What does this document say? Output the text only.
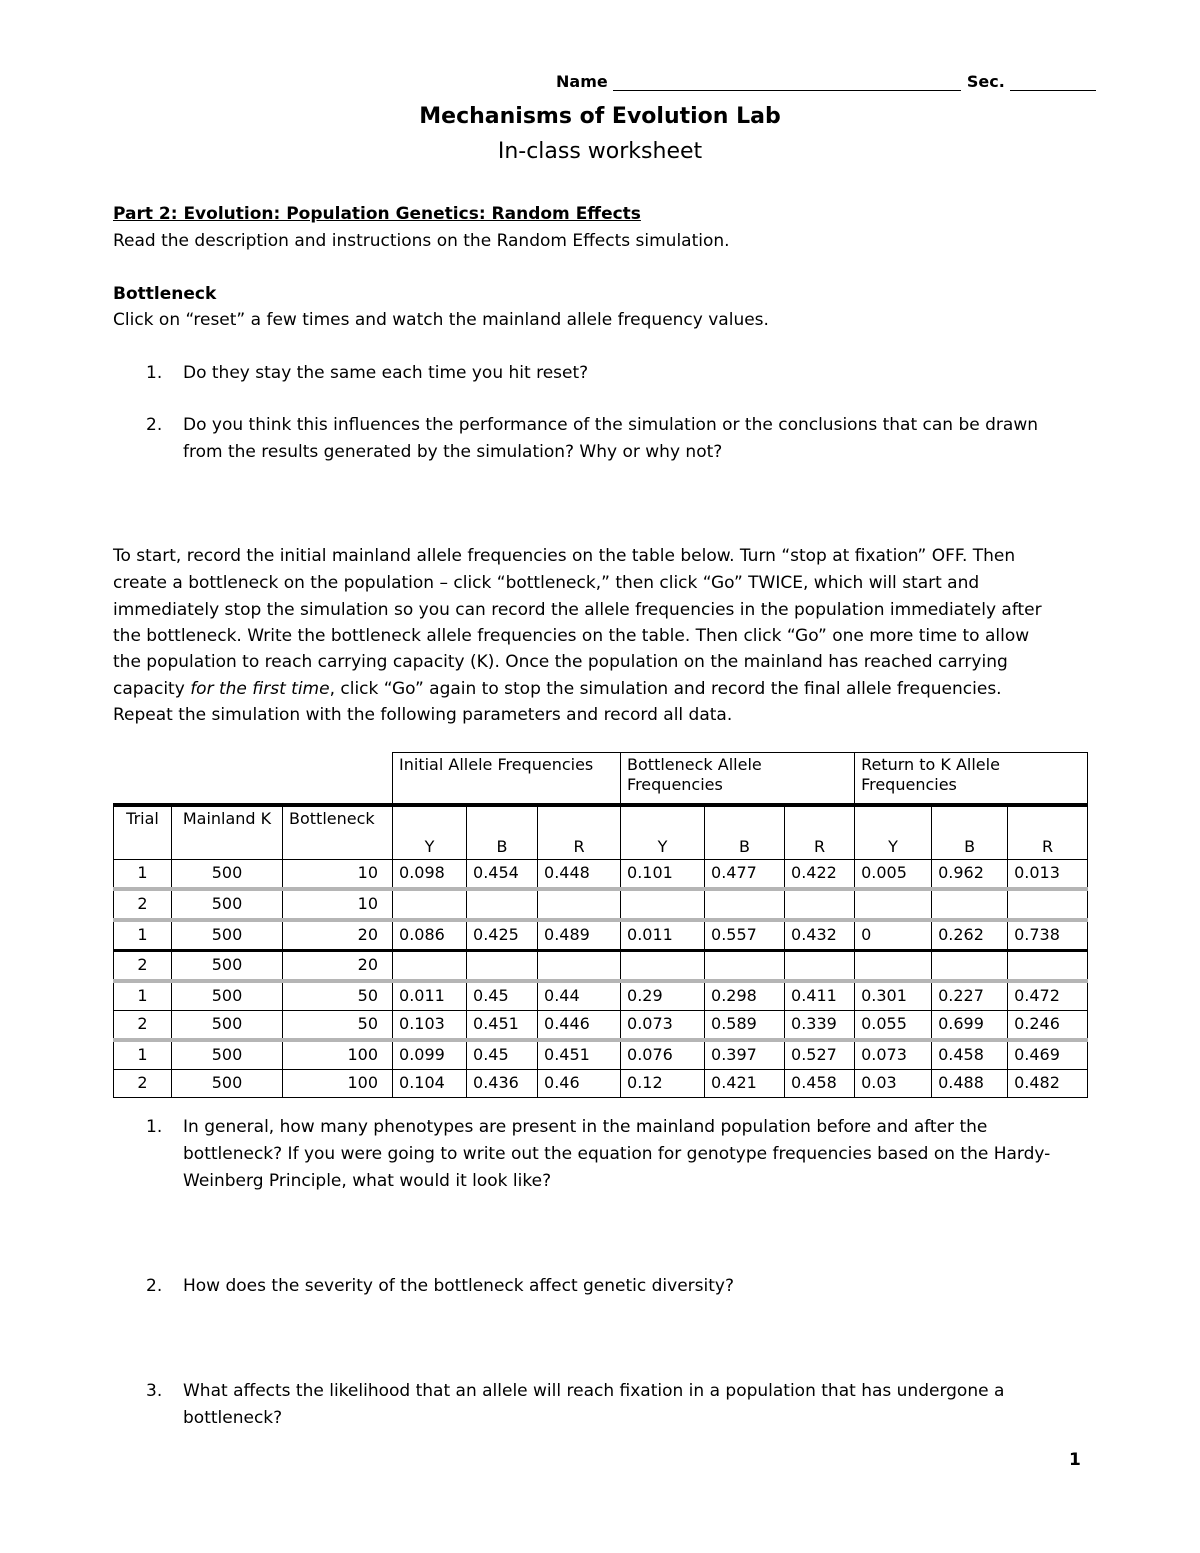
Name	Sec.
Mechanisms of Evolution Lab
In-class worksheet
Part 2: Evolution: Population Genetics: Random Effects
Read the description and instructions on the Random Effects simulation.
Bottleneck
Click on “reset” a few times and watch the mainland allele frequency values.
1. Do they stay the same each time you hit reset?
2. Do you think this influences the performance of the simulation or the conclusions that can be drawn
from the results generated by the simulation? Why or why not?
To start, record the initial mainland allele frequencies on the table below. Turn “stop at fixation” OFF. Then
create a bottleneck on the population – click “bottleneck,” then click “Go” TWICE, which will start and
immediately stop the simulation so you can record the allele frequencies in the population immediately after
the bottleneck. Write the bottleneck allele frequencies on the table. Then click “Go” one more time to allow
the population to reach carrying capacity (K). Once the population on the mainland has reached carrying
capacity for the first time, click “Go” again to stop the simulation and record the final allele frequencies.
Repeat the simulation with the following parameters and record all data.
			Initial Allele Frequencies			Bottleneck Allele Frequencies			Return to K Allele Frequencies		
Trial	Mainland K	Bottleneck	Y	B	R	Y	B	R	Y	B	R
1	500	10	0.098	0.454	0.448	0.101	0.477	0.422	0.005	0.962	0.013
2	500	10									
1	500	20	0.086	0.425	0.489	0.011	0.557	0.432	0	0.262	0.738
2	500	20									
1	500	50	0.011	0.45	0.44	0.29	0.298	0.411	0.301	0.227	0.472
2	500	50	0.103	0.451	0.446	0.073	0.589	0.339	0.055	0.699	0.246
1	500	100	0.099	0.45	0.451	0.076	0.397	0.527	0.073	0.458	0.469
2	500	100	0.104	0.436	0.46	0.12	0.421	0.458	0.03	0.488	0.482
1. In general, how many phenotypes are present in the mainland population before and after the
bottleneck? If you were going to write out the equation for genotype frequencies based on the Hardy-
Weinberg Principle, what would it look like?
2. How does the severity of the bottleneck affect genetic diversity?
3. What affects the likelihood that an allele will reach fixation in a population that has undergone a
bottleneck?
1
